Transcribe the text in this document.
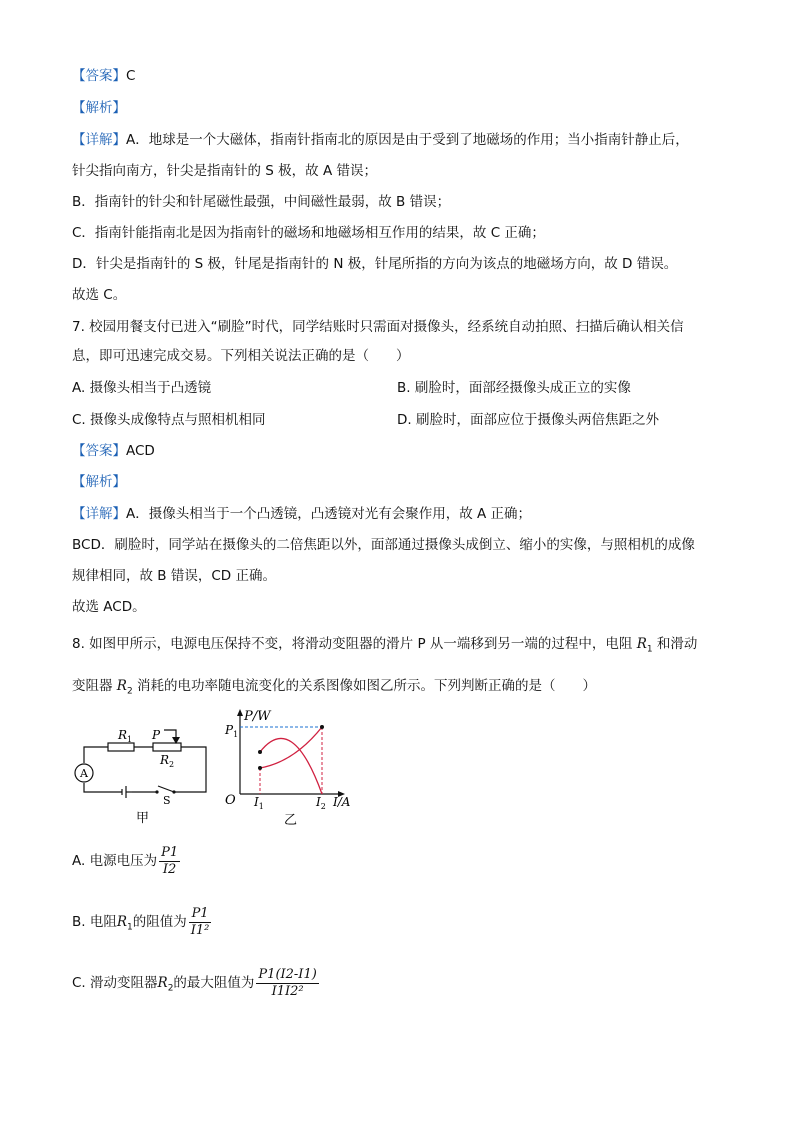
【答案】C
【解析】
【详解】A．地球是一个大磁体，指南针指南北的原因是由于受到了地磁场的作用；当小指南针静止后，
针尖指向南方，针尖是指南针的 S 极，故 A 错误；
B．指南针的针尖和针尾磁性最强，中间磁性最弱，故 B 错误；
C．指南针能指南北是因为指南针的磁场和地磁场相互作用的结果，故 C 正确；
D．针尖是指南针的 S 极，针尾是指南针的 N 极，针尾所指的方向为该点的地磁场方向，故 D 错误。
故选 C。
7. 校园用餐支付已进入“刷脸”时代，同学结账时只需面对摄像头，经系统自动拍照、扫描后确认相关信
息，即可迅速完成交易。下列相关说法正确的是（　　）
A. 摄像头相当于凸透镜	B. 刷脸时，面部经摄像头成正立的实像
C. 摄像头成像特点与照相机相同	D. 刷脸时，面部应位于摄像头两倍焦距之外
【答案】ACD
【解析】
【详解】A．摄像头相当于一个凸透镜，凸透镜对光有会聚作用，故 A 正确；
BCD．刷脸时，同学站在摄像头的二倍焦距以外，面部通过摄像头成倒立、缩小的实像，与照相机的成像
规律相同，故 B 错误，CD 正确。
故选 ACD。
8. 如图甲所示，电源电压保持不变，将滑动变阻器的滑片 P 从一端移到另一端的过程中，电阻 $R_1$ 和滑动
变阻器 $R_2$ 消耗的电功率随电流变化的关系图像如图乙所示。下列判断正确的是（　　）
$R_1$ P
$R_2$
A
S
甲
P/W
$P_1$
O $I_1$	$I_2$ I/A
乙
A. 电源电压为 $\frac{P1}{I2}$
B. 电阻$R_1$的阻值为 $\frac{P1}{\text{I1²}}$
C. 滑动变阻器$R_2$的最大阻值为 $\frac{P1(I2-I1)}{\text{I1I2²}}$
